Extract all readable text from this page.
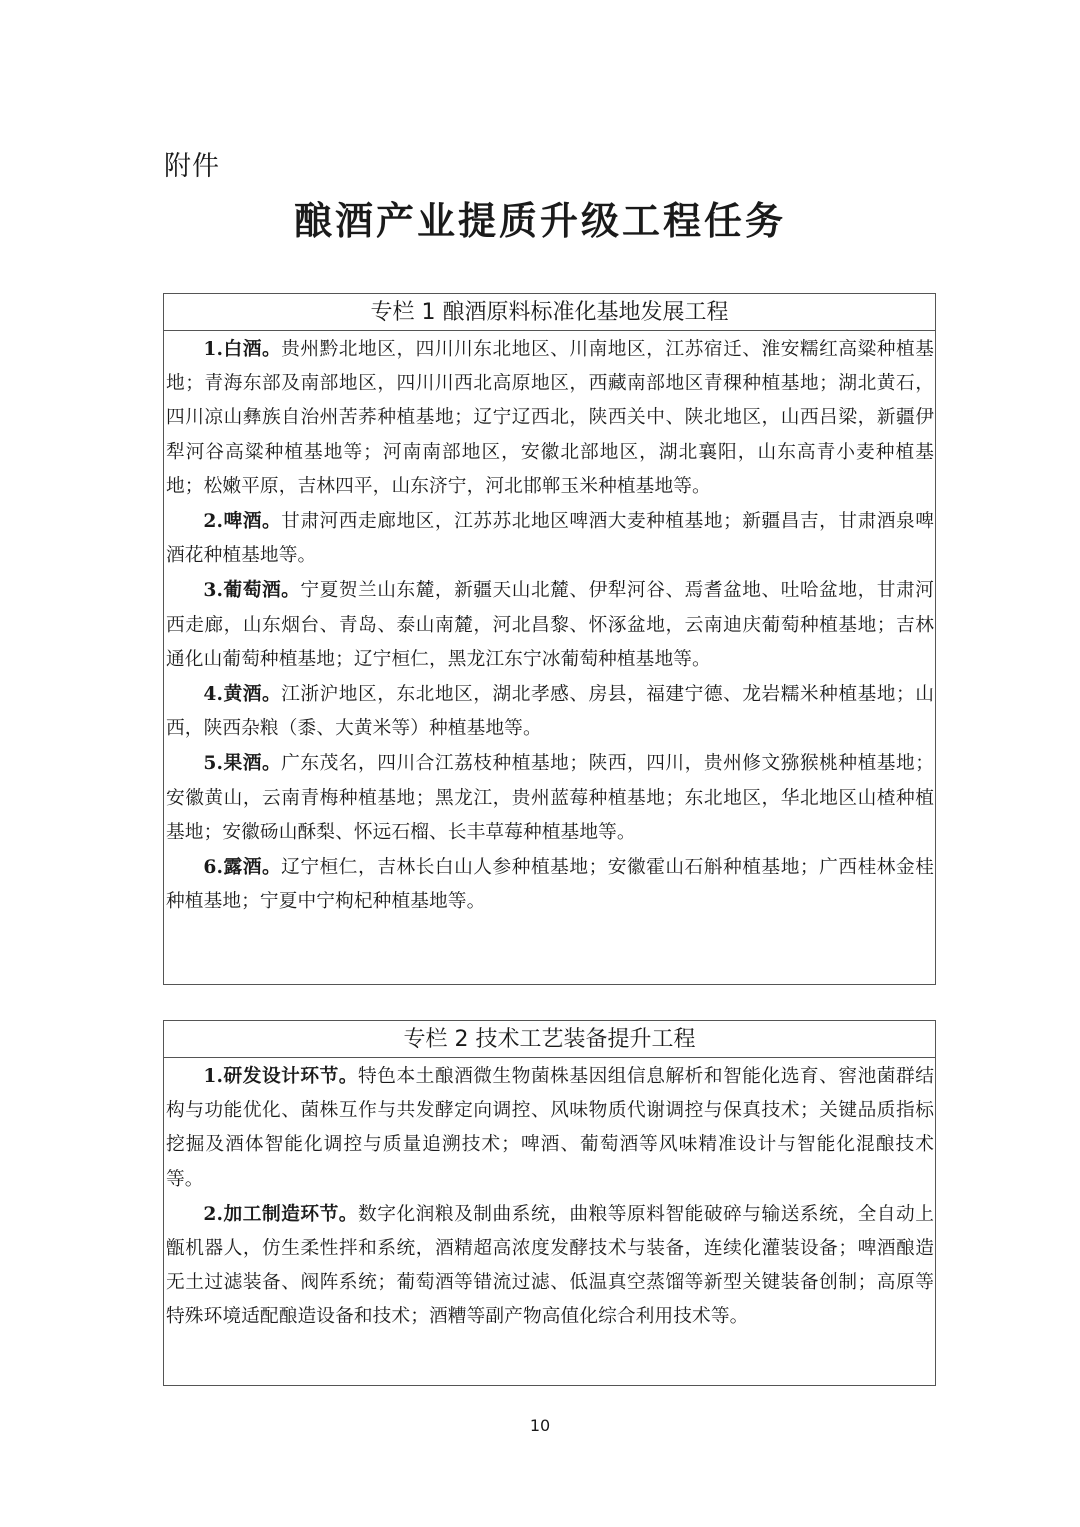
附件
酿酒产业提质升级工程任务
专栏 1 酿酒原料标准化基地发展工程

1.白酒。贵州黔北地区，四川川东北地区、川南地区，江苏宿迁、淮安糯红高粱种植基地；青海东部及南部地区，四川川西北高原地区，西藏南部地区青稞种植基地；湖北黄石，四川凉山彝族自治州苦荞种植基地；辽宁辽西北，陕西关中、陕北地区，山西吕梁，新疆伊犁河谷高粱种植基地等；河南南部地区，安徽北部地区，湖北襄阳，山东高青小麦种植基地；松嫩平原，吉林四平，山东济宁，河北邯郸玉米种植基地等。

2.啤酒。甘肃河西走廊地区，江苏苏北地区啤酒大麦种植基地；新疆昌吉，甘肃酒泉啤酒花种植基地等。

3.葡萄酒。宁夏贺兰山东麓，新疆天山北麓、伊犁河谷、焉耆盆地、吐哈盆地，甘肃河西走廊，山东烟台、青岛、泰山南麓，河北昌黎、怀涿盆地，云南迪庆葡萄种植基地；吉林通化山葡萄种植基地；辽宁桓仁，黑龙江东宁冰葡萄种植基地等。

4.黄酒。江浙沪地区，东北地区，湖北孝感、房县，福建宁德、龙岩糯米种植基地；山西，陕西杂粮（黍、大黄米等）种植基地等。

5.果酒。广东茂名，四川合江荔枝种植基地；陕西，四川，贵州修文猕猴桃种植基地；安徽黄山，云南青梅种植基地；黑龙江，贵州蓝莓种植基地；东北地区，华北地区山楂种植基地；安徽砀山酥梨、怀远石榴、长丰草莓种植基地等。

6.露酒。辽宁桓仁，吉林长白山人参种植基地；安徽霍山石斛种植基地；广西桂林金桂种植基地；宁夏中宁枸杞种植基地等。

专栏 2 技术工艺装备提升工程

1.研发设计环节。特色本土酿酒微生物菌株基因组信息解析和智能化选育、窖池菌群结构与功能优化、菌株互作与共发酵定向调控、风味物质代谢调控与保真技术；关键品质指标挖掘及酒体智能化调控与质量追溯技术；啤酒、葡萄酒等风味精准设计与智能化混酿技术等。

2.加工制造环节。数字化润粮及制曲系统，曲粮等原料智能破碎与输送系统，全自动上甑机器人，仿生柔性拌和系统，酒精超高浓度发酵技术与装备，连续化灌装设备；啤酒酿造无土过滤装备、阀阵系统；葡萄酒等错流过滤、低温真空蒸馏等新型关键装备创制；高原等特殊环境适配酿造设备和技术；酒糟等副产物高值化综合利用技术等。

10
